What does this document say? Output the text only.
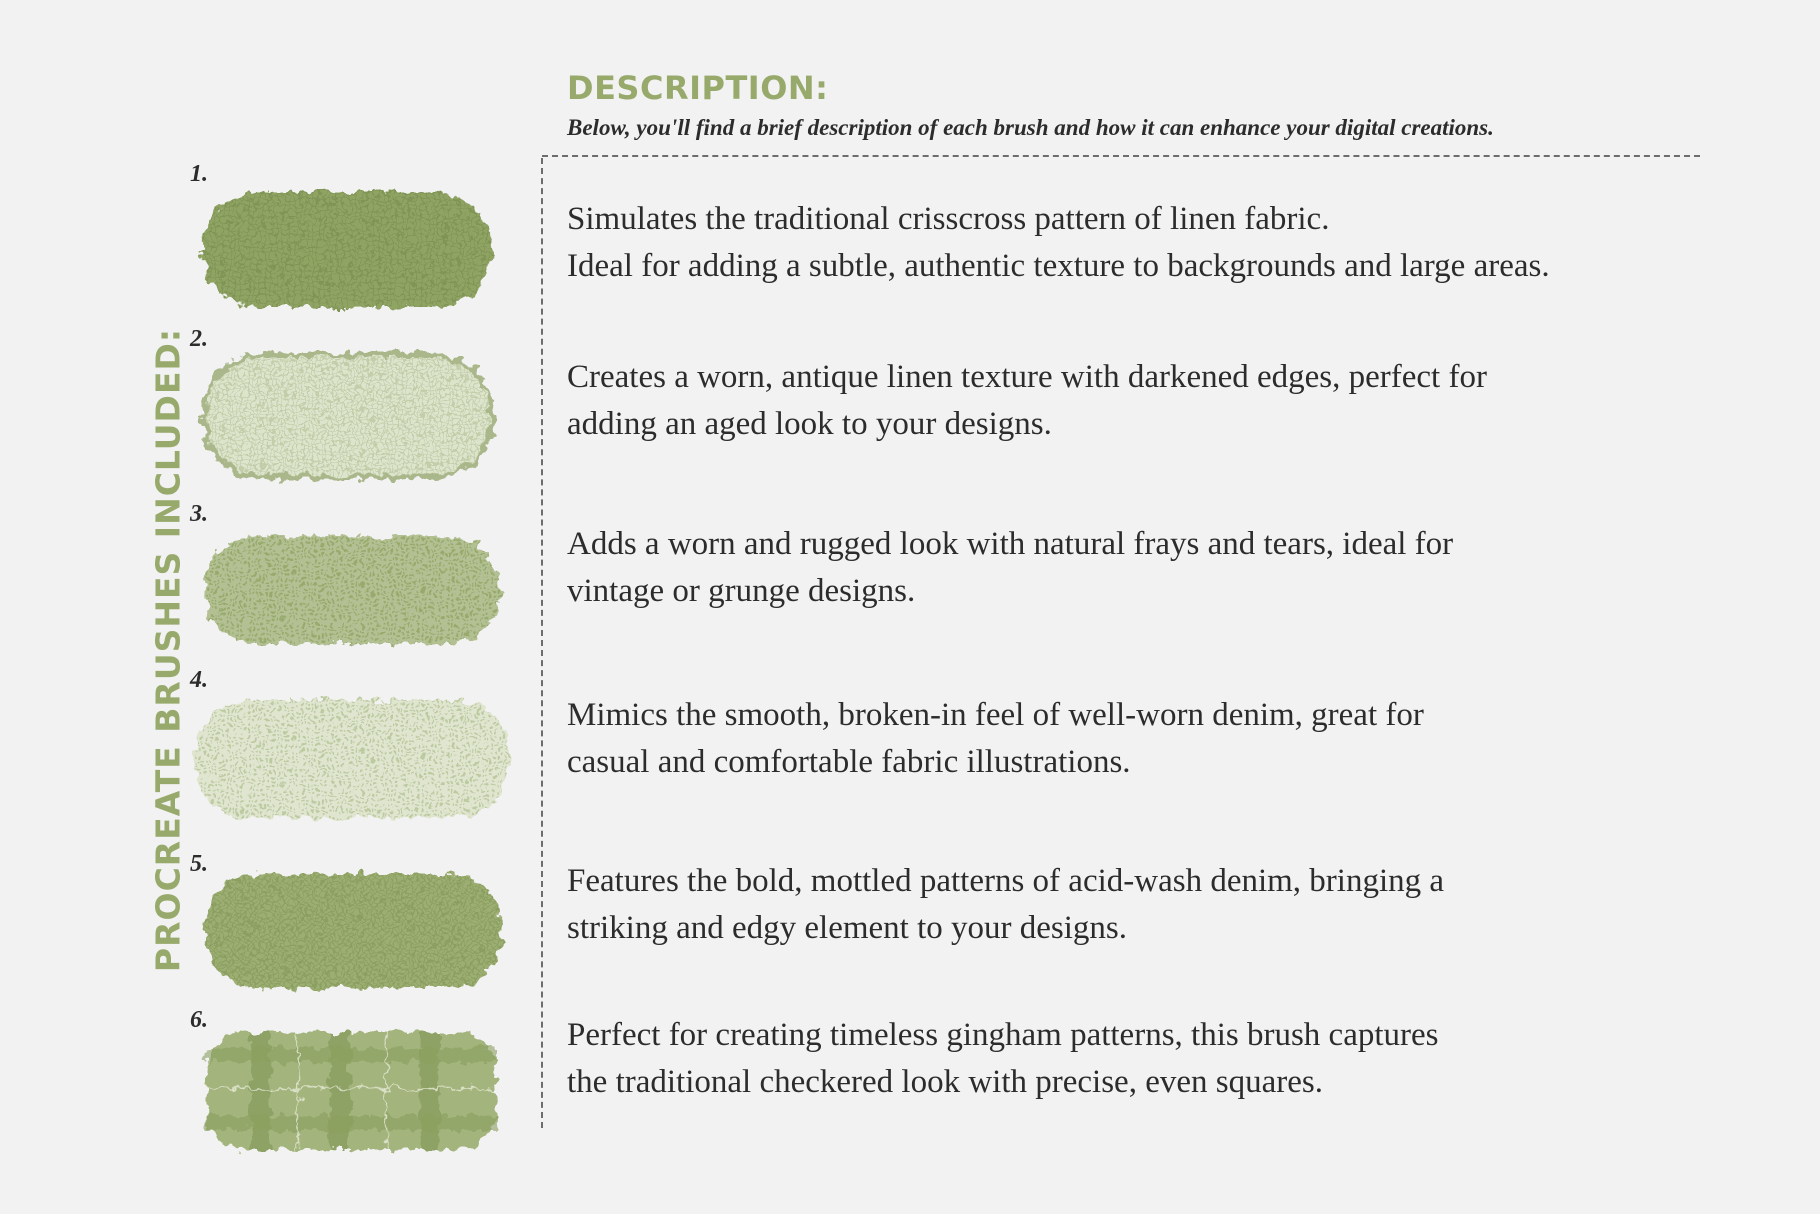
PROCREATE BRUSHES INCLUDED:
DESCRIPTION:
Below, you'll find a brief description of each brush and how it can enhance your digital creations.
1.
Simulates the traditional crisscross pattern of linen fabric.
Ideal for adding a subtle, authentic texture to backgrounds and large areas.
2.
Creates a worn, antique linen texture with darkened edges, perfect for
adding an aged look to your designs.
3.
Adds a worn and rugged look with natural frays and tears, ideal for
vintage or grunge designs.
4.
Mimics the smooth, broken-in feel of well-worn denim, great for
casual and comfortable fabric illustrations.
5.	Features the bold, mottled patterns of acid-wash denim, bringing a
striking and edgy element to your designs.
6.	Perfect for creating timeless gingham patterns, this brush captures
the traditional checkered look with precise, even squares.
